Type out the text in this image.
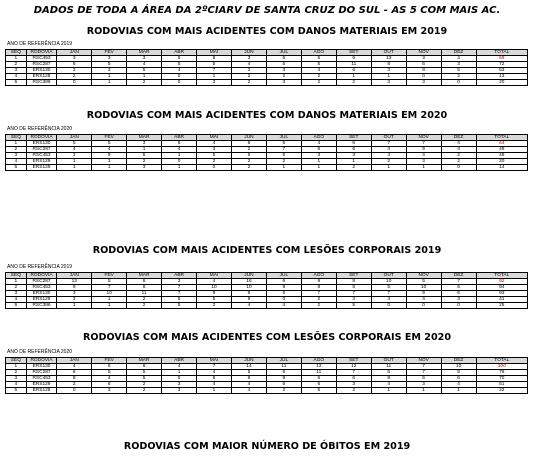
DADOS DE TODA A ÁREA DA 2ºCIARV DE SANTA CRUZ DO SUL - AS 5 COM MAIS AC.
RODOVIAS COM MAIS ACIDENTES COM DANOS MATERIAIS EM 2019
ANO DE REFERÊNCIA 2019
SEQ	RODOVIA	JAN	FEV	MAR	ABR	MAI	JUN	JUL	AGO	SET	OUT	NOV	DEZ	TOTAL
1	RSC453	3	3	3	5	6	3	6	5	6	13	3	4	59
2	RSC287	6	5	4	5	6	4	5	5	11	8	6	3	72
3	ERS130	2	3	5	4	7	3	3	4	6	3	8	5	53
4	ERS128	2	1	1	0	1	2	2	2	1	1	0	2	13
5	RSC386	0	1	2	0	3	2	3	2	2	3	3	0	20
RODOVIAS COM MAIS ACIDENTES COM DANOS MATERIAIS EM 2020
ANO DE REFERÊNCIA 2020
SEQ	RODOVIA	JAN	FEV	MAR	ABR	MAI	JUN	JUL	AGO	SET	OUT	NOV	DEZ	TOTAL
1	ERS130	5	5	3	6	4	8	5	4	6	7	7	4	64
2	RSC287	4	4	1	4	3	2	7	6	6	4	9	4	49
3	RSC453	2	9	5	1	5	6	5	3	3	4	4	2	49
4	ERS129	1	1	2	0	2	2	2	1	1	2	3	2	20
5	ERS129	1	1	3	1	0	2	1	1	2	1	1	0	14
RODOVIAS COM MAIS ACIDENTES COM LESÕES CORPORAIS 2019
ANO DE REFERÊNCIA 2019
SEQ	RODOVIA	JAN	FEV	MAR	ABR	MAI	JUN	JUL	AGO	SET	OUT	NOV	DEZ	TOTAL
1	RSC287	13	5	6	3	4	16	6	9	8	10	5	7	92
2	RSC453	9	7	6	7	10	10	9	8	8	5	10	6	94
3	ERS130	3	10	11	7	9	8	6	7	7	7	9	6	93
4	ERS129	3	1	2	5	5	9	0	2	3	4	4	3	41
5	RSC386	1	1	2	5	2	4	4	2	5	0	0	0	25
RODOVIAS COM MAIS ACIDENTES COM LESÕES CORPORAIS EM 2020
ANO DE REFERÊNCIA 2020
SEQ	RODOVIA	JAN	FEV	MAR	ABR	MAI	JUN	JUL	AGO	SET	OUT	NOV	DEZ	TOTAL
1	ERS130	4	6	6	4	7	14	11	12	12	11	7	10	100
2	RSC287	6	5	5	1	4	5	6	11	7	6	7	8	76
3	RSC453	8	4	5	5	8	8	9	6	6	9	6	6	70
4	ERS129	2	6	2	3	4	4	6	6	3	4	3	4	51
5	ERS128	0	3	2	3	1	4	2	5	2	1	1	1	22
RODOVIAS COM MAIOR NÚMERO DE ÓBITOS EM 2019
